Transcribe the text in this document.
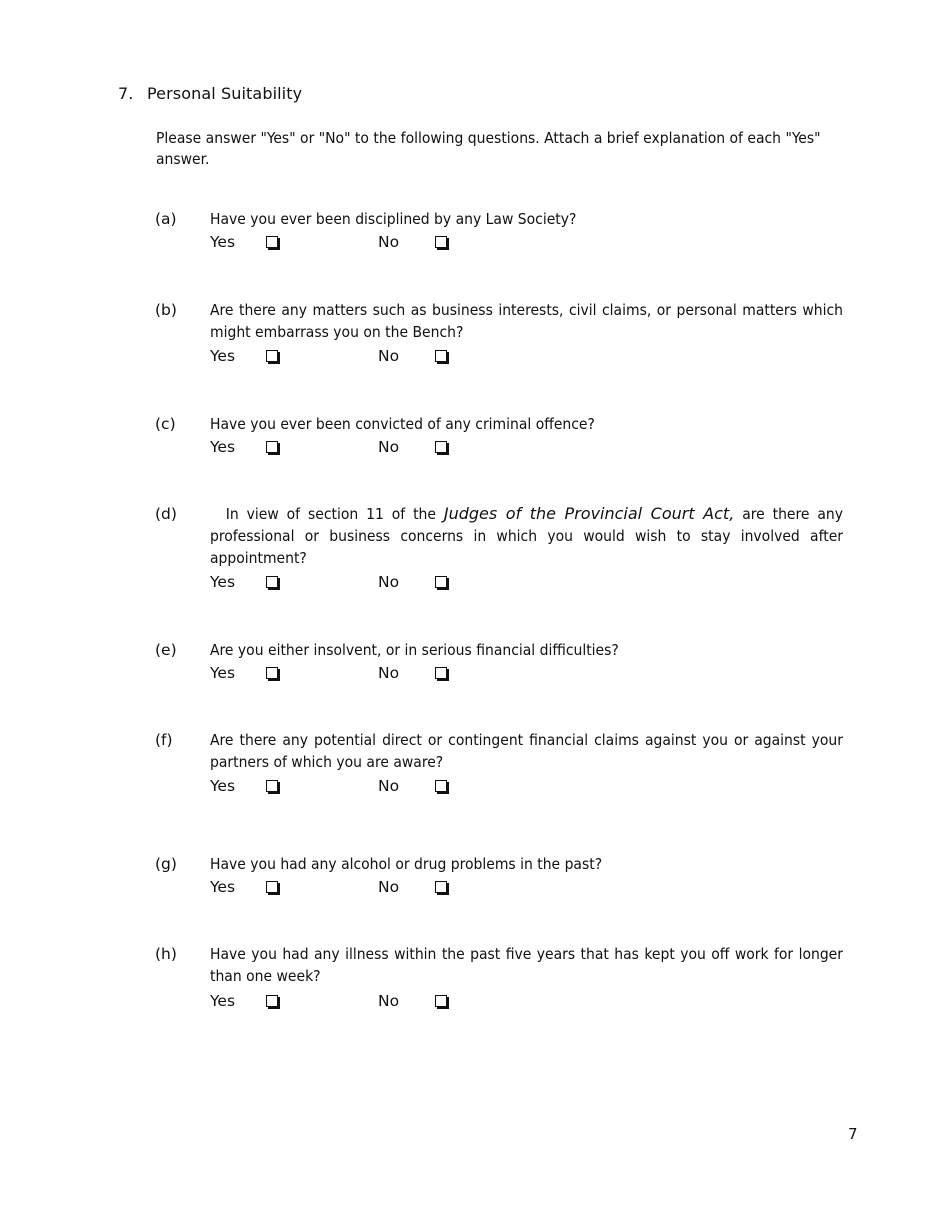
7. Personal Suitability
Please answer "Yes" or "No" to the following questions. Attach a brief explanation of each "Yes" answer.
(a) Have you ever been disciplined by any Law Society?
Yes	No
(b) Are there any matters such as business interests, civil claims, or personal matters which might embarrass you on the Bench?
Yes	No
(c) Have you ever been convicted of any criminal offence?
Yes	No
(d)	In view of section 11 of the Judges of the Provincial Court Act, are there any professional or business concerns in which you would wish to stay involved after appointment?
Yes	No
(e) Are you either insolvent, or in serious financial difficulties?
Yes	No
(f) Are there any potential direct or contingent financial claims against you or against your partners of which you are aware?
Yes	No
(g) Have you had any alcohol or drug problems in the past?
Yes	No
(h) Have you had any illness within the past five years that has kept you off work for longer than one week?
Yes	No
7
